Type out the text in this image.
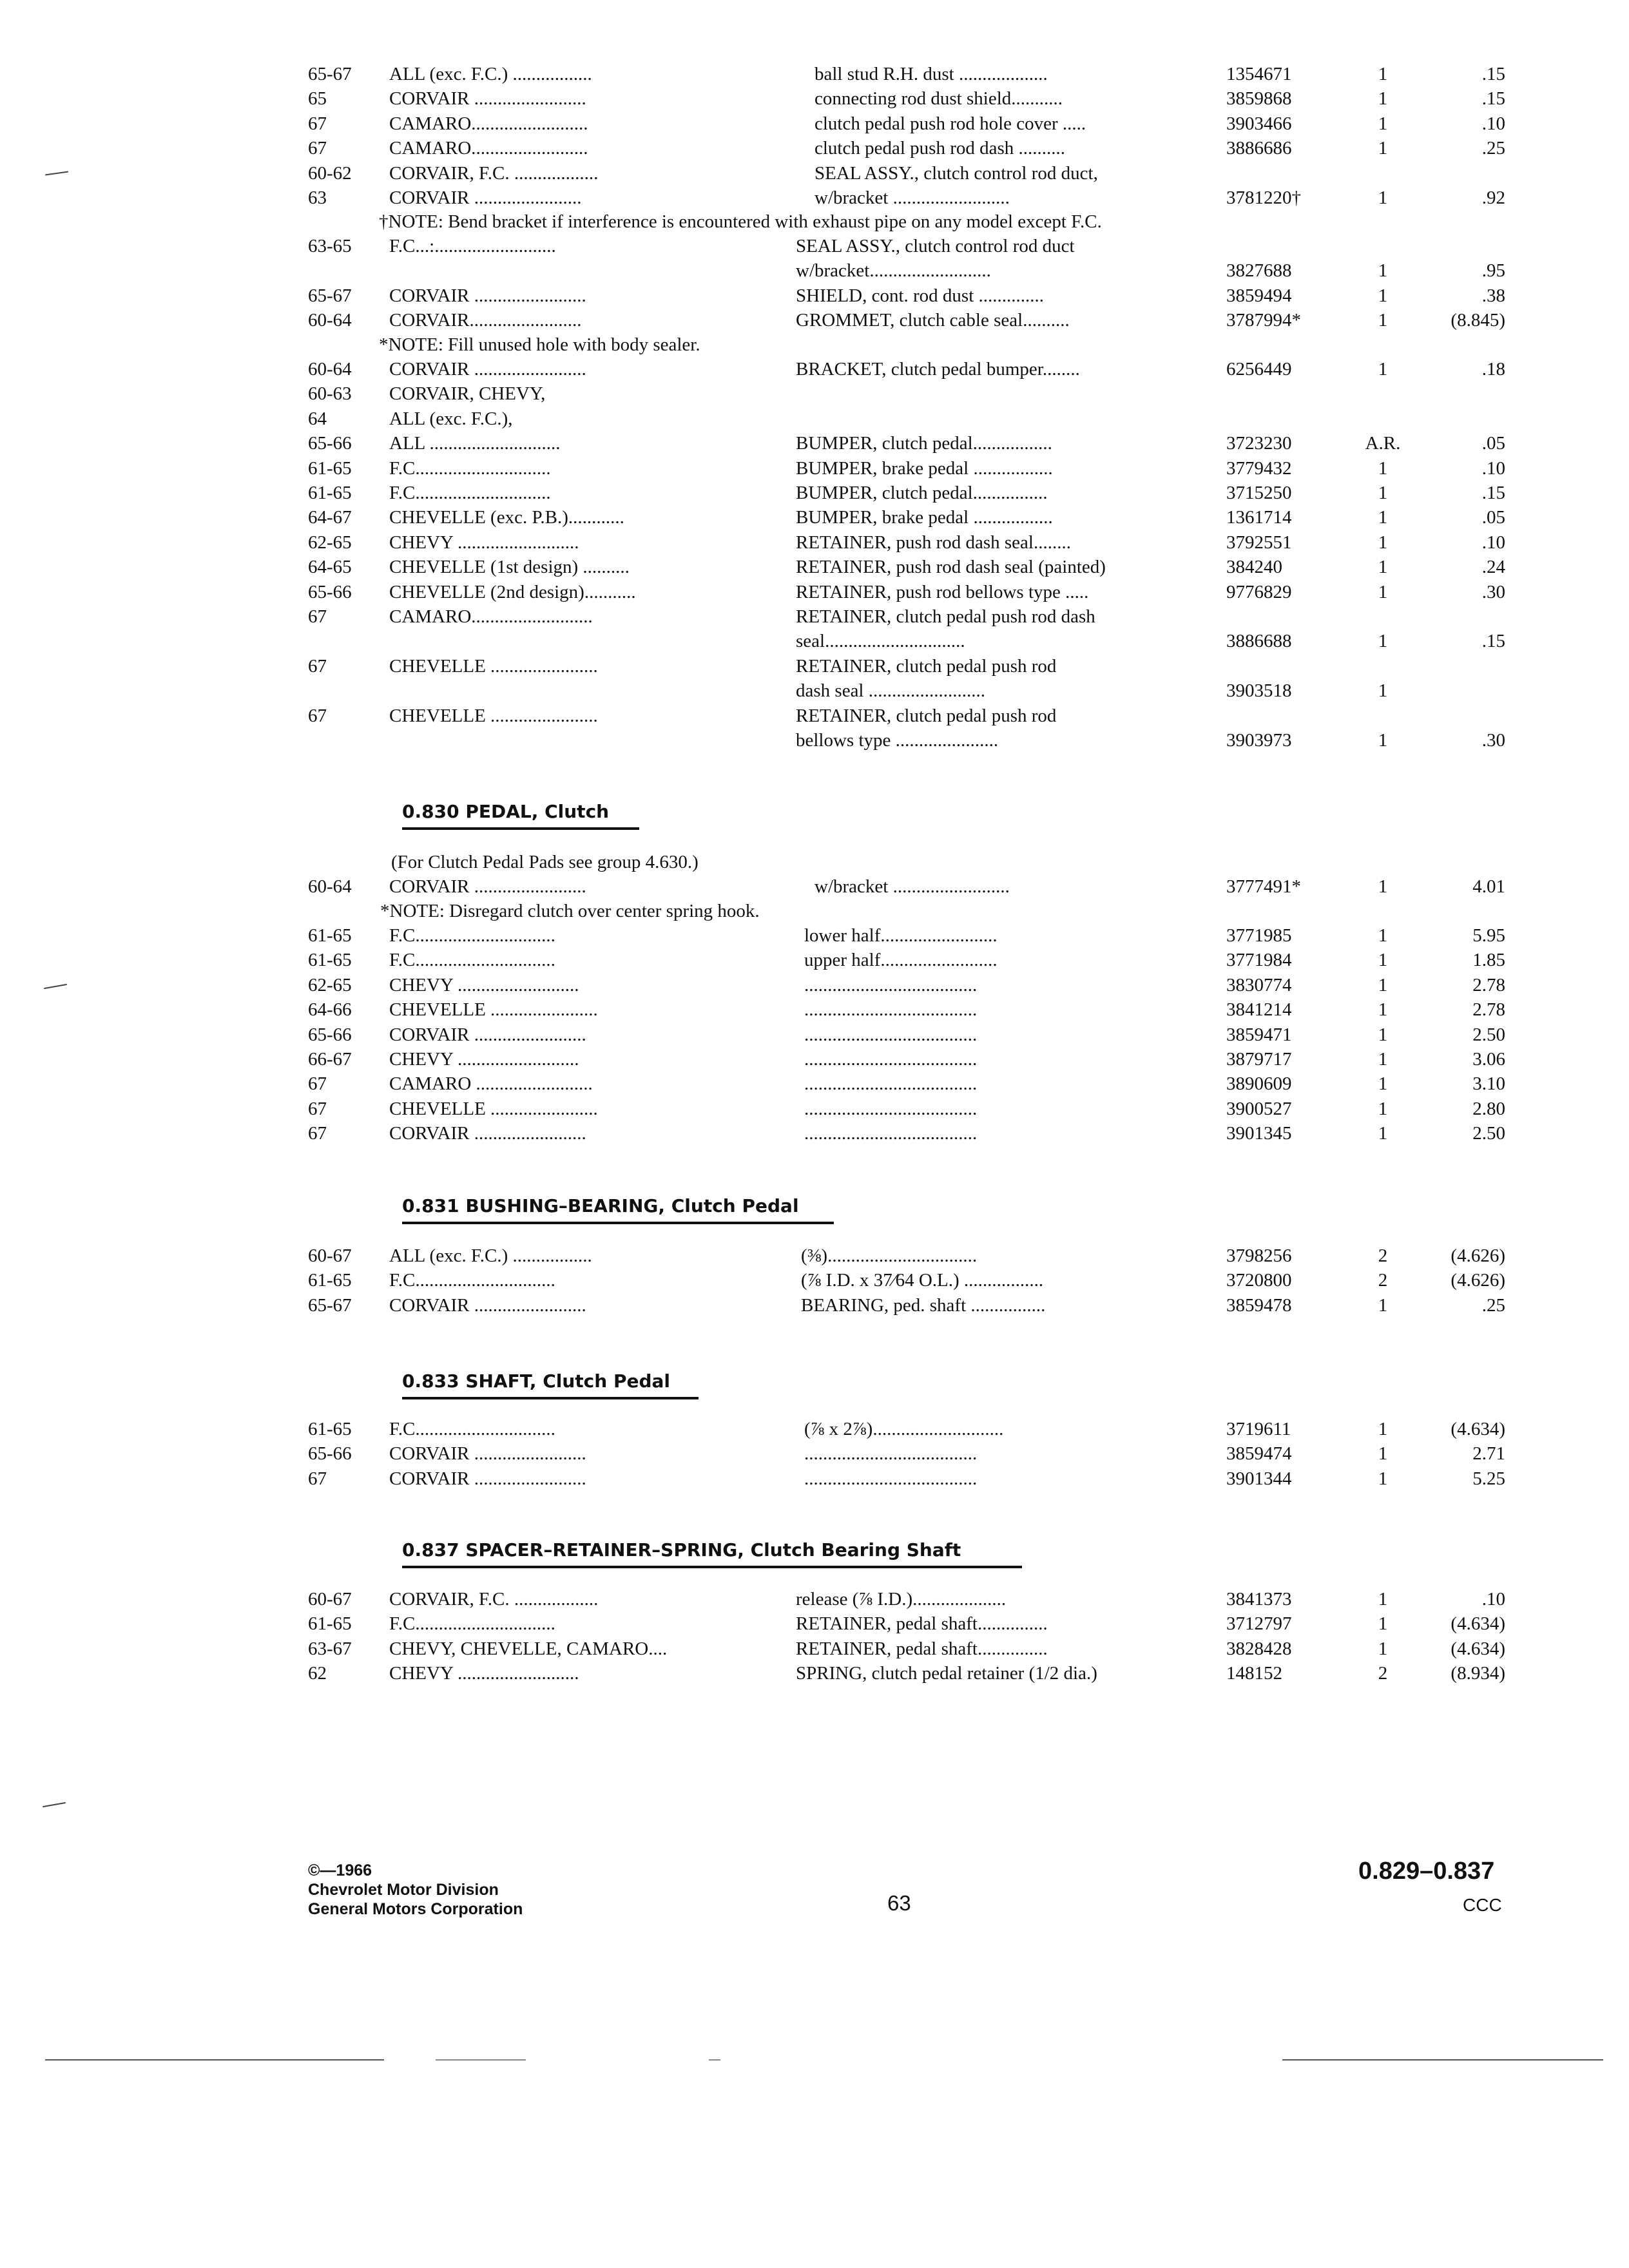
65-67	ALL (exc. F.C.) .................	ball stud R.H. dust ...................	1354671	1	.15
65	CORVAIR ........................	connecting rod dust shield...........	3859868	1	.15
67	CAMARO.........................	clutch pedal push rod hole cover .....	3903466	1	.10
67	CAMARO.........................	clutch pedal push rod dash ..........	3886686	1	.25
60-62	CORVAIR, F.C. ..................	SEAL ASSY., clutch control rod duct,
63	CORVAIR .......................	w/bracket .........................	3781220†	1	.92
†NOTE: Bend bracket if interference is encountered with exhaust pipe on any model except F.C.
63-65	F.C...:..........................	SEAL ASSY., clutch control rod duct
w/bracket..........................	3827688	1	.95
65-67	CORVAIR ........................	SHIELD, cont. rod dust ..............	3859494	1	.38
60-64	CORVAIR........................	GROMMET, clutch cable seal..........	3787994*	1	(8.845)
*NOTE: Fill unused hole with body sealer.
60-64	CORVAIR ........................	BRACKET, clutch pedal bumper........	6256449	1	.18
60-63	CORVAIR, CHEVY,
64	ALL (exc. F.C.),
65-66	ALL ............................	BUMPER, clutch pedal.................	3723230	A.R.	.05
61-65	F.C.............................	BUMPER, brake pedal .................	3779432	1	.10
61-65	F.C.............................	BUMPER, clutch pedal................	3715250	1	.15
64-67	CHEVELLE (exc. P.B.)............	BUMPER, brake pedal .................	1361714	1	.05
62-65	CHEVY ..........................	RETAINER, push rod dash seal........	3792551	1	.10
64-65	CHEVELLE (1st design) ..........	RETAINER, push rod dash seal (painted)	384240	1	.24
65-66	CHEVELLE (2nd design)...........	RETAINER, push rod bellows type .....	9776829	1	.30
67	CAMARO..........................	RETAINER, clutch pedal push rod dash
seal..............................	3886688	1	.15
67	CHEVELLE .......................	RETAINER, clutch pedal push rod
dash seal .........................	3903518	1
67	CHEVELLE .......................	RETAINER, clutch pedal push rod
bellows type ......................	3903973	1	.30
0.830 PEDAL, Clutch
(For Clutch Pedal Pads see group 4.630.)
60-64	CORVAIR ........................	w/bracket .........................	3777491*	1	4.01
*NOTE: Disregard clutch over center spring hook.
61-65	F.C..............................	lower half.........................	3771985	1	5.95
61-65	F.C..............................	upper half.........................	3771984	1	1.85
62-65	CHEVY ..........................	.....................................	3830774	1	2.78
64-66	CHEVELLE .......................	.....................................	3841214	1	2.78
65-66	CORVAIR ........................	.....................................	3859471	1	2.50
66-67	CHEVY ..........................	.....................................	3879717	1	3.06
67	CAMARO .........................	.....................................	3890609	1	3.10
67	CHEVELLE .......................	.....................................	3900527	1	2.80
67	CORVAIR ........................	.....................................	3901345	1	2.50
0.831 BUSHING–BEARING, Clutch Pedal
60-67	ALL (exc. F.C.) .................	(⅜)................................	3798256	2	(4.626)
61-65	F.C..............................	(⅞ I.D. x 37⁄64 O.L.) .................	3720800	2	(4.626)
65-67	CORVAIR ........................	BEARING, ped. shaft ................	3859478	1	.25
0.833 SHAFT, Clutch Pedal
61-65	F.C..............................	(⅞ x 2⅞)............................	3719611	1	(4.634)
65-66	CORVAIR ........................	.....................................	3859474	1	2.71
67	CORVAIR ........................	.....................................	3901344	1	5.25
0.837 SPACER–RETAINER–SPRING, Clutch Bearing Shaft
60-67	CORVAIR, F.C. ..................	release (⅞ I.D.)....................	3841373	1	.10
61-65	F.C..............................	RETAINER, pedal shaft...............	3712797	1	(4.634)
63-67	CHEVY, CHEVELLE, CAMARO....	RETAINER, pedal shaft...............	3828428	1	(4.634)
62	CHEVY ..........................	SPRING, clutch pedal retainer (1/2 dia.)	148152	2	(8.934)
©—1966
Chevrolet Motor Division
General Motors Corporation	63
0.829–0.837
CCC
